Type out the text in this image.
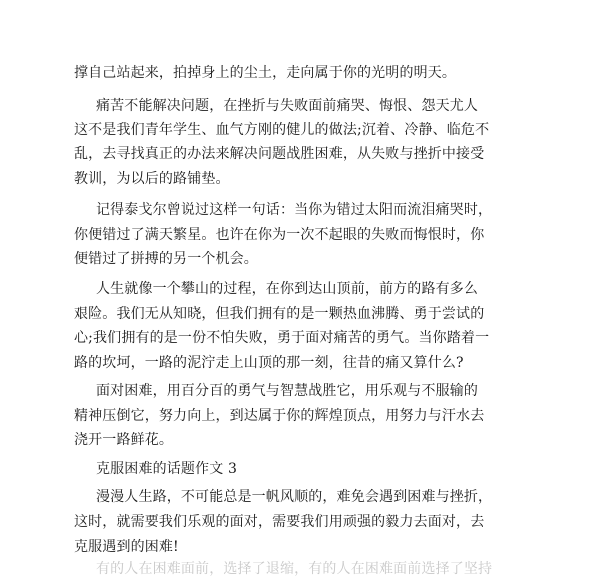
撑自己站起来，拍掉身上的尘土，走向属于你的光明的明天。
痛苦不能解决问题，在挫折与失败面前痛哭、悔恨、怨天尤人
这不是我们青年学生、血气方刚的健儿的做法;沉着、冷静、临危不
乱，去寻找真正的办法来解决问题战胜困难，从失败与挫折中接受
教训，为以后的路铺垫。
记得泰戈尔曾说过这样一句话：当你为错过太阳而流泪痛哭时，
你便错过了满天繁星。也许在你为一次不起眼的失败而悔恨时，你
便错过了拼搏的另一个机会。
人生就像一个攀山的过程，在你到达山顶前，前方的路有多么
艰险。我们无从知晓，但我们拥有的是一颗热血沸腾、勇于尝试的
心;我们拥有的是一份不怕失败，勇于面对痛苦的勇气。当你踏着一
路的坎坷，一路的泥泞走上山顶的那一刻，往昔的痛又算什么?
面对困难，用百分百的勇气与智慧战胜它，用乐观与不服输的
精神压倒它，努力向上，到达属于你的辉煌顶点，用努力与汗水去
浇开一路鲜花。
克服困难的话题作文 3
漫漫人生路，不可能总是一帆风顺的，难免会遇到困难与挫折，
这时，就需要我们乐观的面对，需要我们用顽强的毅力去面对，去
克服遇到的困难!
有的人在困难面前，选择了退缩，有的人在困难面前选择了坚持
